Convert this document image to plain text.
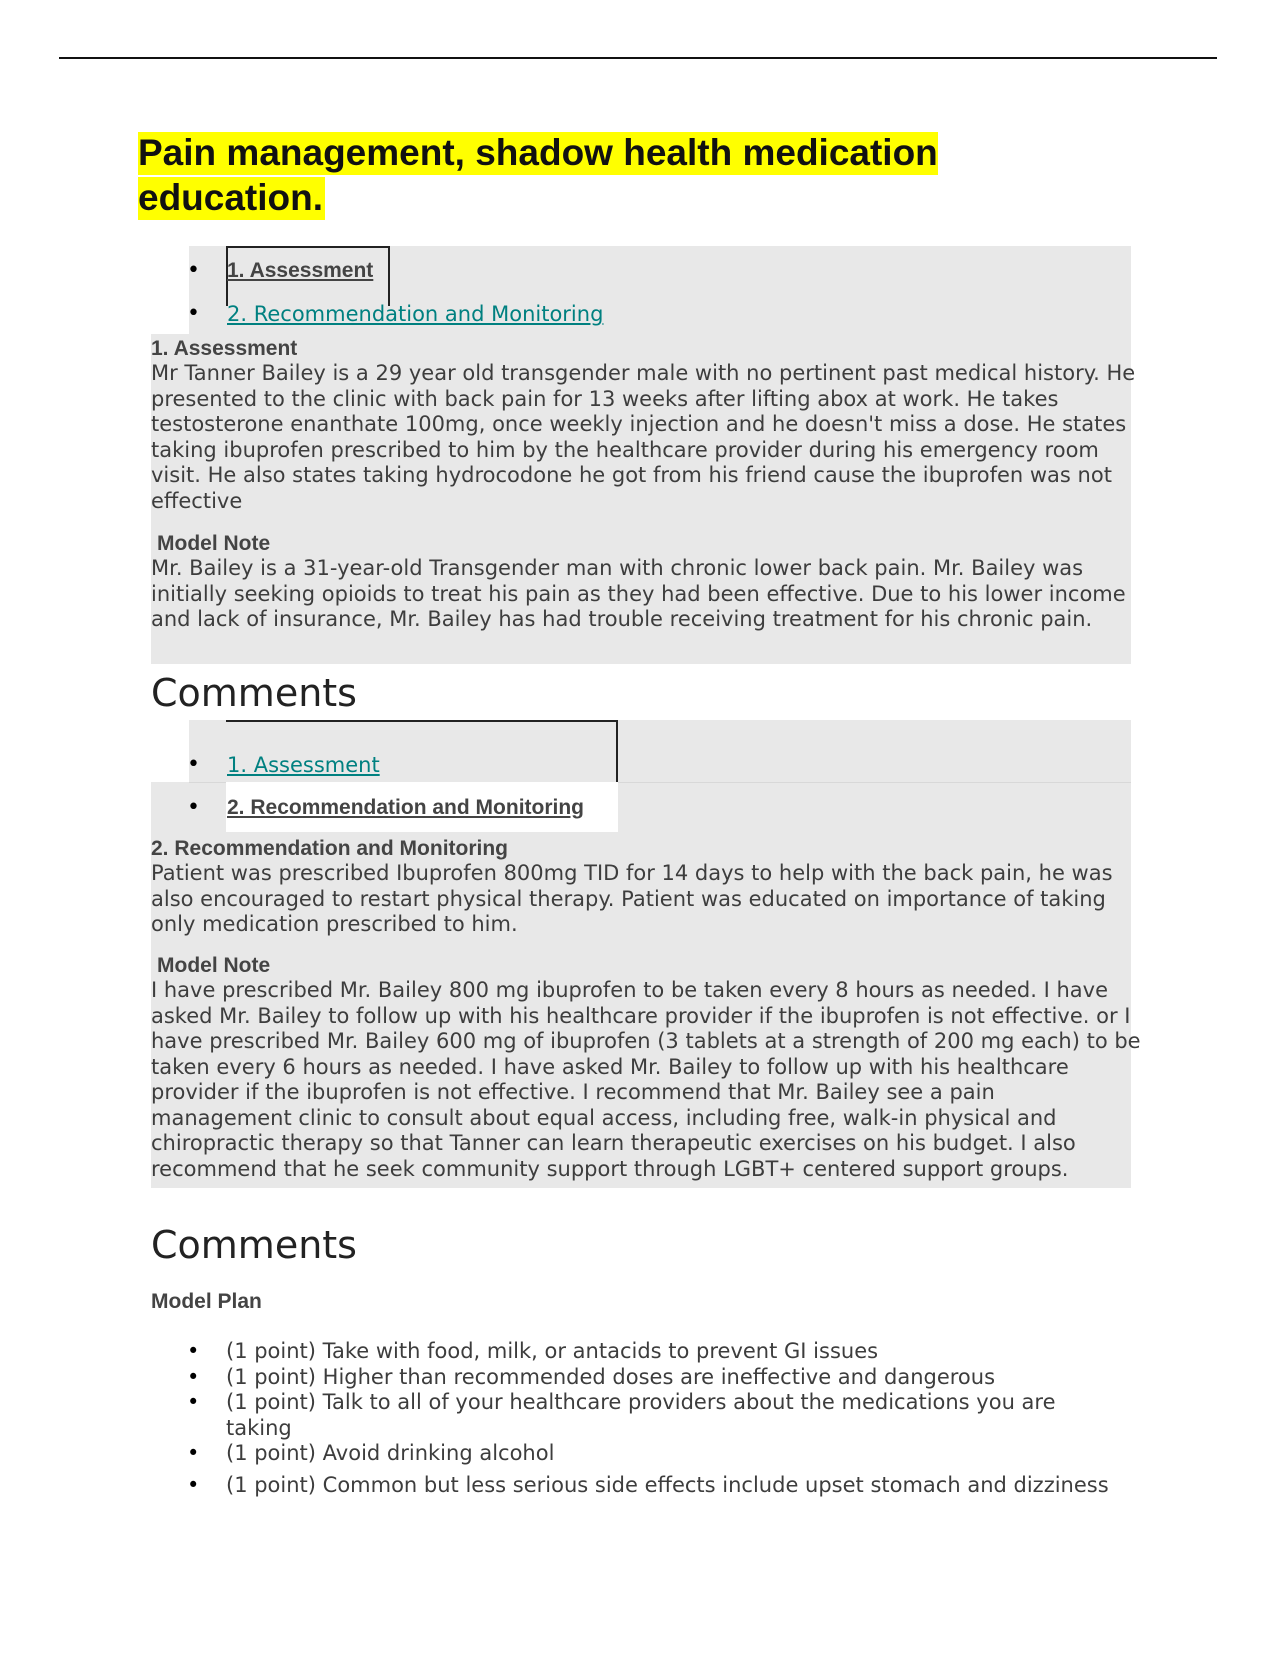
Pain management, shadow health medication education.
•	1. Assessment
•	2. Recommendation and Monitoring
1. Assessment

Mr Tanner Bailey is a 29 year old transgender male with no pertinent past medical history. He presented to the clinic with back pain for 13 weeks after lifting abox at work. He takes testosterone enanthate 100mg, once weekly injection and he doesn't miss a dose. He states taking ibuprofen prescribed to him by the healthcare provider during his emergency room visit. He also states taking hydrocodone he got from his friend cause the ibuprofen was not effective

Model Note

Mr. Bailey is a 31-year-old Transgender man with chronic lower back pain. Mr. Bailey was initially seeking opioids to treat his pain as they had been effective. Due to his lower income and lack of insurance, Mr. Bailey has had trouble receiving treatment for his chronic pain.

Comments
•	1. Assessment
•	2. Recommendation and Monitoring
2. Recommendation and Monitoring

Patient was prescribed Ibuprofen 800mg TID for 14 days to help with the back pain, he was also encouraged to restart physical therapy. Patient was educated on importance of taking only medication prescribed to him.

Model Note

I have prescribed Mr. Bailey 800 mg ibuprofen to be taken every 8 hours as needed. I have asked Mr. Bailey to follow up with his healthcare provider if the ibuprofen is not effective. or I have prescribed Mr. Bailey 600 mg of ibuprofen (3 tablets at a strength of 200 mg each) to be taken every 6 hours as needed. I have asked Mr. Bailey to follow up with his healthcare provider if the ibuprofen is not effective. I recommend that Mr. Bailey see a pain management clinic to consult about equal access, including free, walk-in physical and chiropractic therapy so that Tanner can learn therapeutic exercises on his budget. I also recommend that he seek community support through LGBT+ centered support groups.

Comments
Model Plan
• (1 point) Take with food, milk, or antacids to prevent GI issues
• (1 point) Higher than recommended doses are ineffective and dangerous
• (1 point) Talk to all of your healthcare providers about the medications you are taking
• (1 point) Avoid drinking alcohol
• (1 point) Common but less serious side effects include upset stomach and dizziness
